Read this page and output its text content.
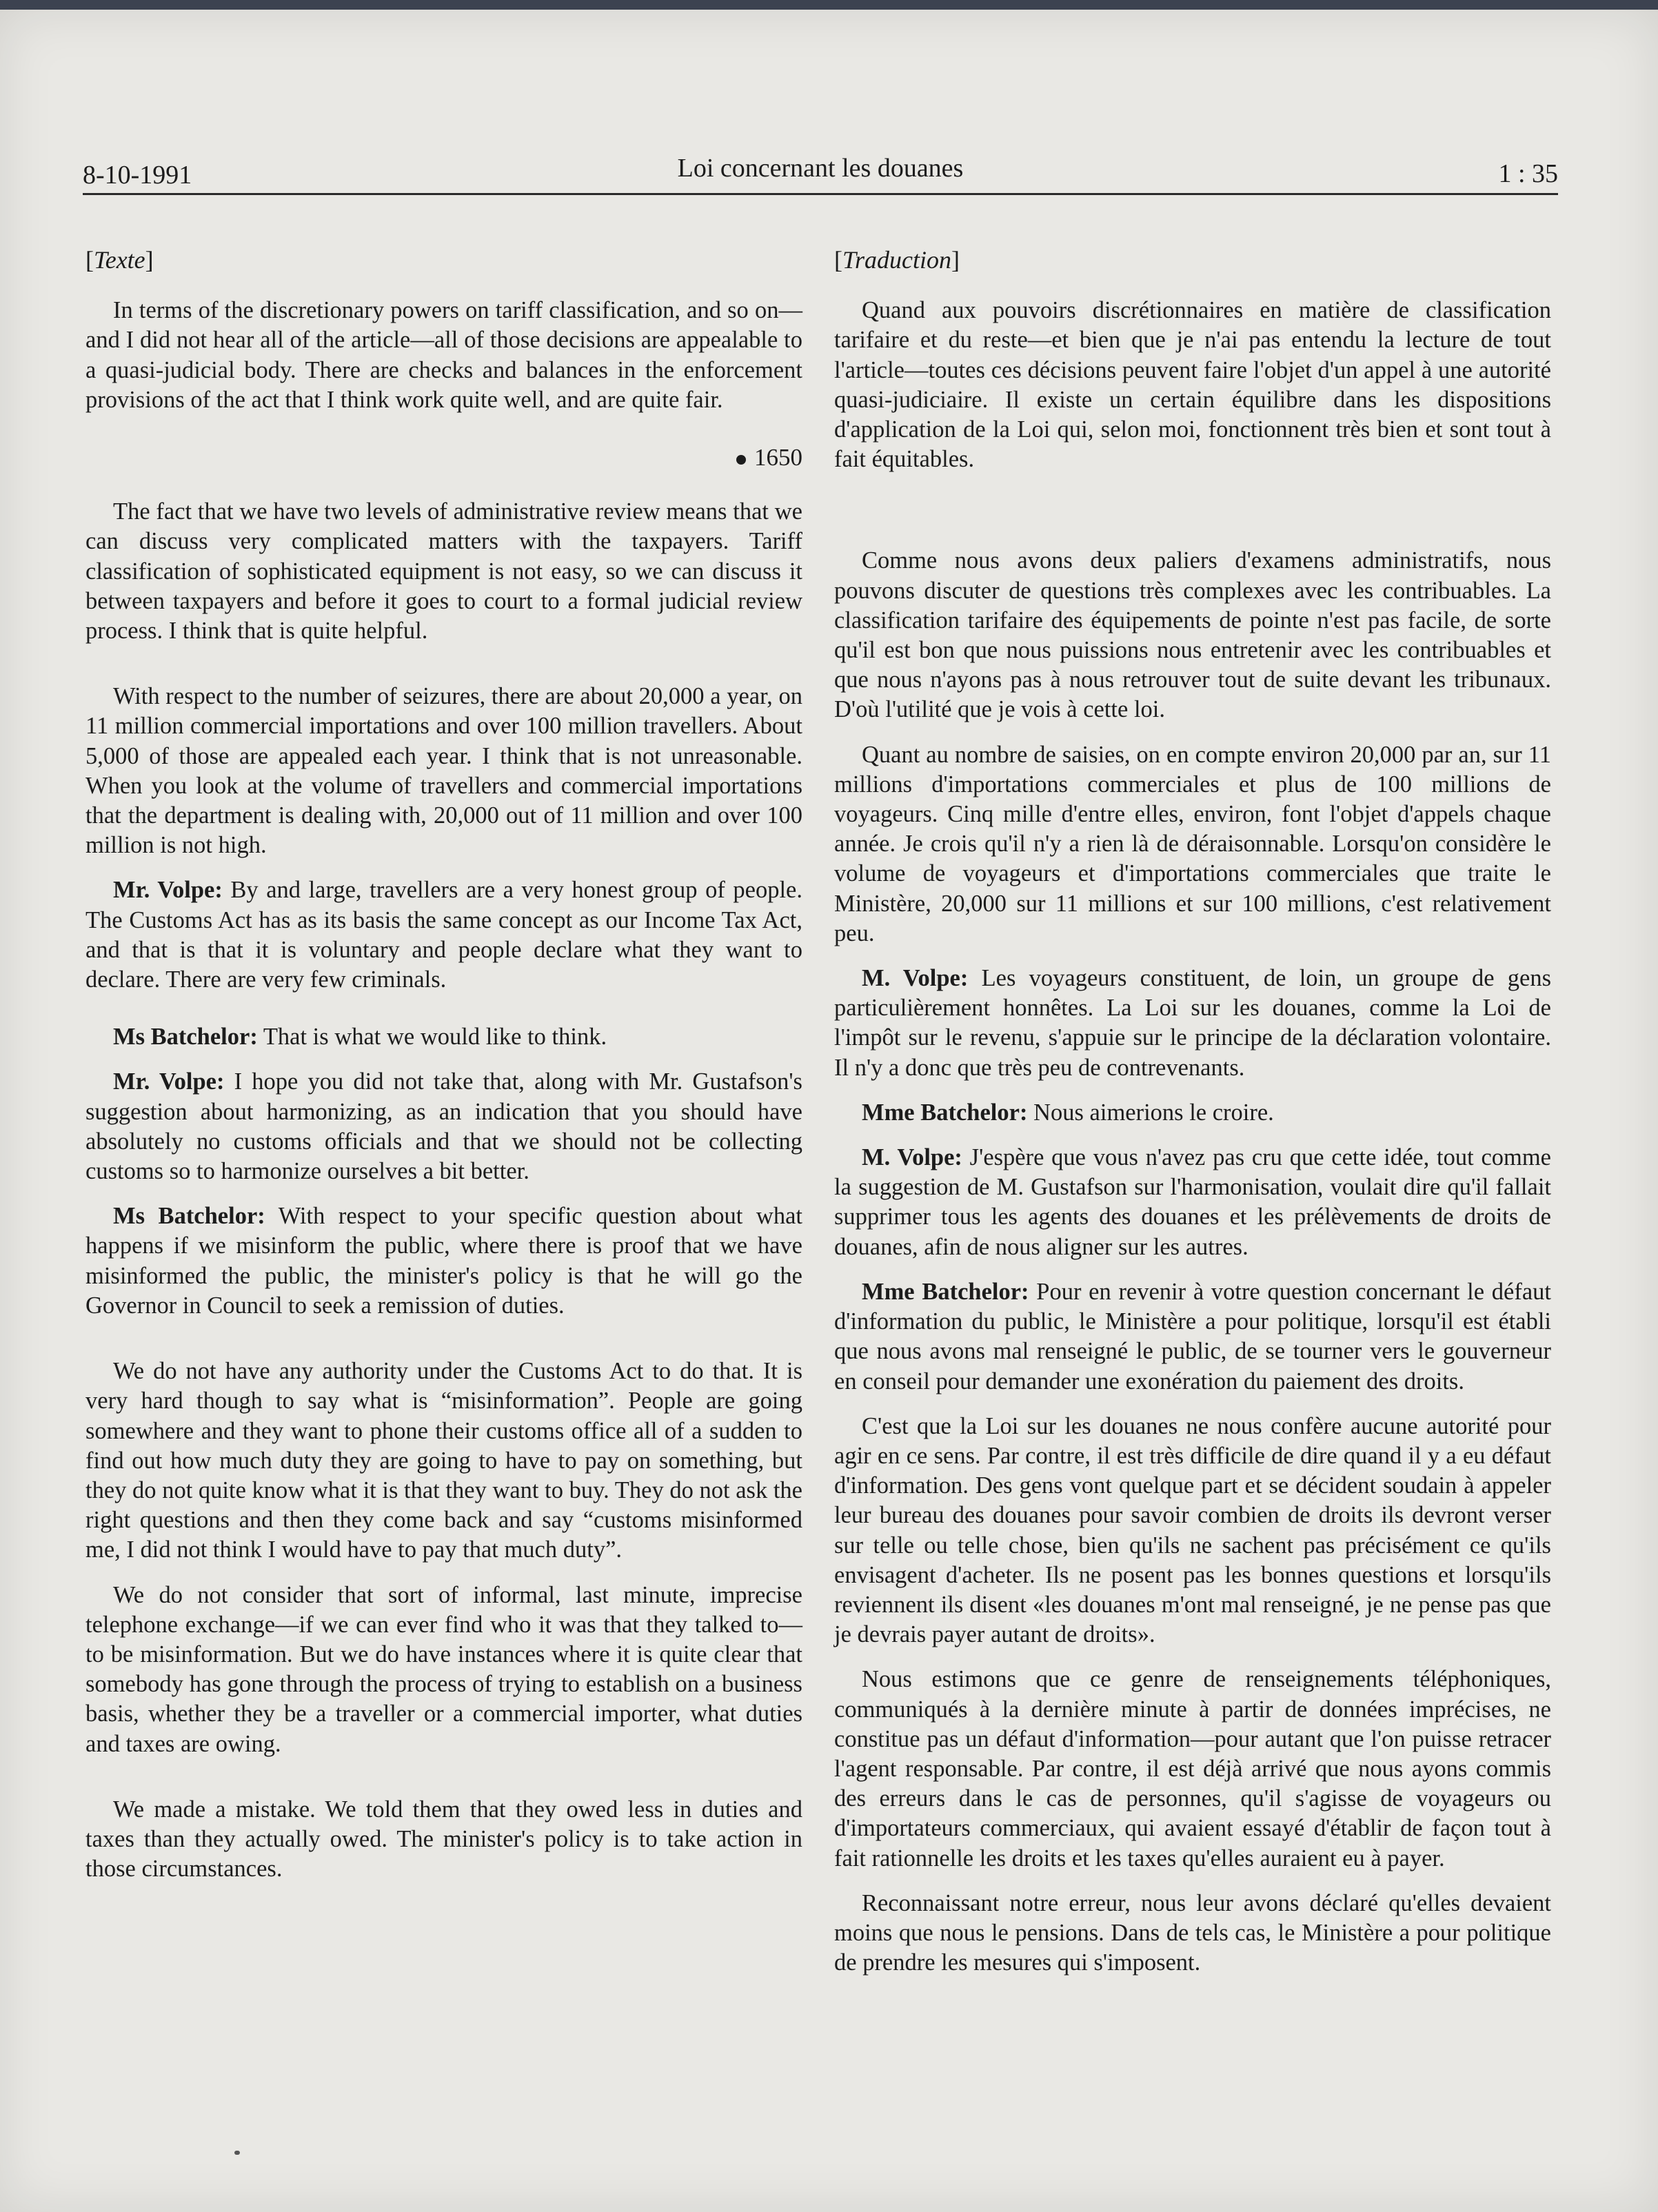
8-10-1991	Loi concernant les douanes	1 : 35

[Texte]

In terms of the discretionary powers on tariff classification, and so on—and I did not hear all of the article—all of those decisions are appealable to a quasi-judicial body. There are checks and balances in the enforcement provisions of the act that I think work quite well, and are quite fair.

1650

The fact that we have two levels of administrative review means that we can discuss very complicated matters with the taxpayers. Tariff classification of sophisticated equipment is not easy, so we can discuss it between taxpayers and before it goes to court to a formal judicial review process. I think that is quite helpful.

With respect to the number of seizures, there are about 20,000 a year, on 11 million commercial importations and over 100 million travellers. About 5,000 of those are appealed each year. I think that is not unreasonable. When you look at the volume of travellers and commercial importations that the department is dealing with, 20,000 out of 11 million and over 100 million is not high.

Mr. Volpe: By and large, travellers are a very honest group of people. The Customs Act has as its basis the same concept as our Income Tax Act, and that is that it is voluntary and people declare what they want to declare. There are very few criminals.

Ms Batchelor: That is what we would like to think.

Mr. Volpe: I hope you did not take that, along with Mr. Gustafson's suggestion about harmonizing, as an indication that you should have absolutely no customs officials and that we should not be collecting customs so to harmonize ourselves a bit better.

Ms Batchelor: With respect to your specific question about what happens if we misinform the public, where there is proof that we have misinformed the public, the minister's policy is that he will go the Governor in Council to seek a remission of duties.

We do not have any authority under the Customs Act to do that. It is very hard though to say what is “misinformation”. People are going somewhere and they want to phone their customs office all of a sudden to find out how much duty they are going to have to pay on something, but they do not quite know what it is that they want to buy. They do not ask the right questions and then they come back and say “customs misinformed me, I did not think I would have to pay that much duty”.

We do not consider that sort of informal, last minute, imprecise telephone exchange—if we can ever find who it was that they talked to—to be misinformation. But we do have instances where it is quite clear that somebody has gone through the process of trying to establish on a business basis, whether they be a traveller or a commercial importer, what duties and taxes are owing.

We made a mistake. We told them that they owed less in duties and taxes than they actually owed. The minister's policy is to take action in those circumstances.

[Traduction]

Quand aux pouvoirs discrétionnaires en matière de classification tarifaire et du reste—et bien que je n'ai pas entendu la lecture de tout l'article—toutes ces décisions peuvent faire l'objet d'un appel à une autorité quasi-judiciaire. Il existe un certain équilibre dans les dispositions d'application de la Loi qui, selon moi, fonctionnent très bien et sont tout à fait équitables.

Comme nous avons deux paliers d'examens administratifs, nous pouvons discuter de questions très complexes avec les contribuables. La classification tarifaire des équipements de pointe n'est pas facile, de sorte qu'il est bon que nous puissions nous entretenir avec les contribuables et que nous n'ayons pas à nous retrouver tout de suite devant les tribunaux. D'où l'utilité que je vois à cette loi.

Quant au nombre de saisies, on en compte environ 20,000 par an, sur 11 millions d'importations commerciales et plus de 100 millions de voyageurs. Cinq mille d'entre elles, environ, font l'objet d'appels chaque année. Je crois qu'il n'y a rien là de déraisonnable. Lorsqu'on considère le volume de voyageurs et d'importations commerciales que traite le Ministère, 20,000 sur 11 millions et sur 100 millions, c'est relativement peu.

M. Volpe: Les voyageurs constituent, de loin, un groupe de gens particulièrement honnêtes. La Loi sur les douanes, comme la Loi de l'impôt sur le revenu, s'appuie sur le principe de la déclaration volontaire. Il n'y a donc que très peu de contrevenants.

Mme Batchelor: Nous aimerions le croire.

M. Volpe: J'espère que vous n'avez pas cru que cette idée, tout comme la suggestion de M. Gustafson sur l'harmonisation, voulait dire qu'il fallait supprimer tous les agents des douanes et les prélèvements de droits de douanes, afin de nous aligner sur les autres.

Mme Batchelor: Pour en revenir à votre question concernant le défaut d'information du public, le Ministère a pour politique, lorsqu'il est établi que nous avons mal renseigné le public, de se tourner vers le gouverneur en conseil pour demander une exonération du paiement des droits.

C'est que la Loi sur les douanes ne nous confère aucune autorité pour agir en ce sens. Par contre, il est très difficile de dire quand il y a eu défaut d'information. Des gens vont quelque part et se décident soudain à appeler leur bureau des douanes pour savoir combien de droits ils devront verser sur telle ou telle chose, bien qu'ils ne sachent pas précisément ce qu'ils envisagent d'acheter. Ils ne posent pas les bonnes questions et lorsqu'ils reviennent ils disent «les douanes m'ont mal renseigné, je ne pense pas que je devrais payer autant de droits».

Nous estimons que ce genre de renseignements téléphoniques, communiqués à la dernière minute à partir de données imprécises, ne constitue pas un défaut d'information—pour autant que l'on puisse retracer l'agent responsable. Par contre, il est déjà arrivé que nous ayons commis des erreurs dans le cas de personnes, qu'il s'agisse de voyageurs ou d'importateurs commerciaux, qui avaient essayé d'établir de façon tout à fait rationnelle les droits et les taxes qu'elles auraient eu à payer.

Reconnaissant notre erreur, nous leur avons déclaré qu'elles devaient moins que nous le pensions. Dans de tels cas, le Ministère a pour politique de prendre les mesures qui s'imposent.
